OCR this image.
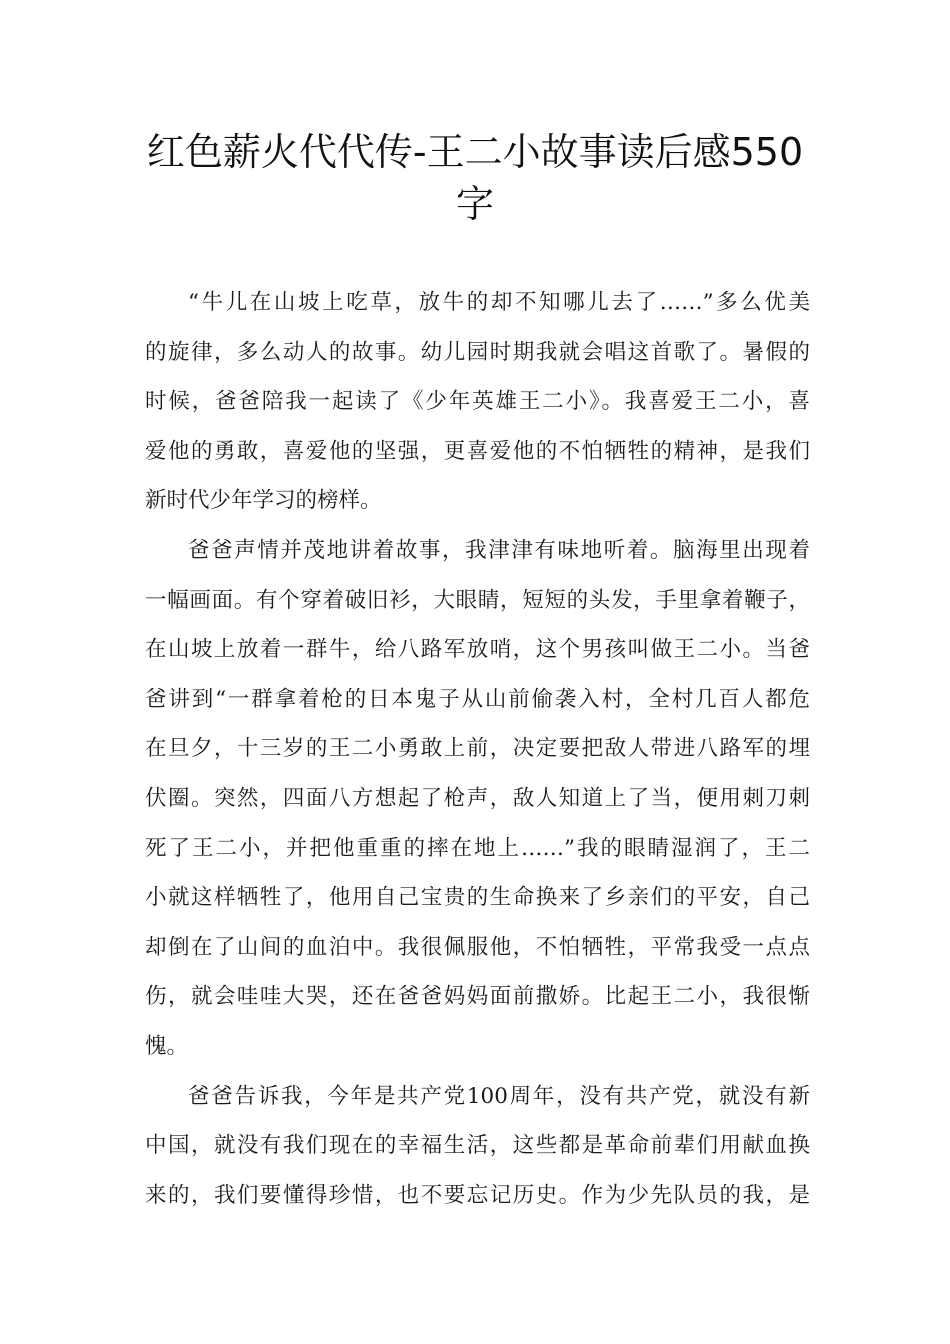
红色薪火代代传-王二小故事读后感550
字

“牛儿在山坡上吃草，放牛的却不知哪儿去了……”多么优美
的旋律，多么动人的故事。幼儿园时期我就会唱这首歌了。暑假的
时候，爸爸陪我一起读了《少年英雄王二小》。我喜爱王二小，喜
爱他的勇敢，喜爱他的坚强，更喜爱他的不怕牺牲的精神，是我们
新时代少年学习的榜样。

爸爸声情并茂地讲着故事，我津津有味地听着。脑海里出现着
一幅画面。有个穿着破旧衫，大眼睛，短短的头发，手里拿着鞭子，
在山坡上放着一群牛，给八路军放哨，这个男孩叫做王二小。当爸
爸讲到“一群拿着枪的日本鬼子从山前偷袭入村，全村几百人都危
在旦夕，十三岁的王二小勇敢上前，决定要把敌人带进八路军的埋
伏圈。突然，四面八方想起了枪声，敌人知道上了当，便用刺刀刺
死了王二小，并把他重重的摔在地上……”我的眼睛湿润了，王二
小就这样牺牲了，他用自己宝贵的生命换来了乡亲们的平安，自己
却倒在了山间的血泊中。我很佩服他，不怕牺牲，平常我受一点点
伤，就会哇哇大哭，还在爸爸妈妈面前撒娇。比起王二小，我很惭
愧。

爸爸告诉我，今年是共产党100周年，没有共产党，就没有新
中国，就没有我们现在的幸福生活，这些都是革命前辈们用献血换
来的，我们要懂得珍惜，也不要忘记历史。作为少先队员的我，是
